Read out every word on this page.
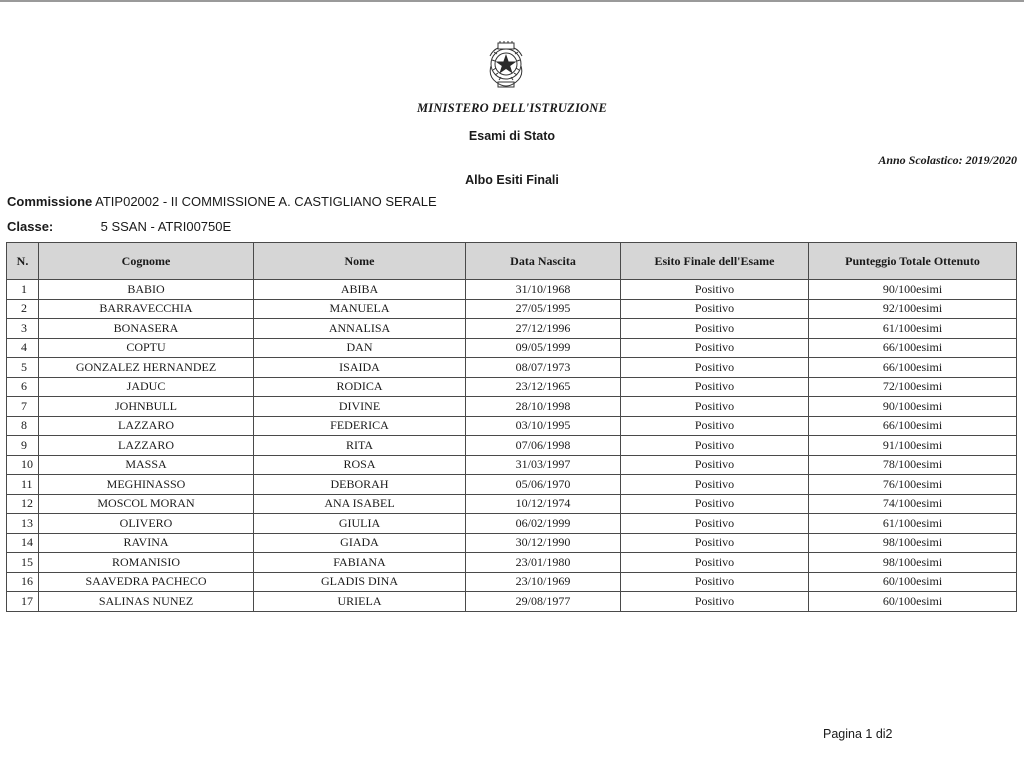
MINISTERO DELL'ISTRUZIONE
Esami di Stato
Anno Scolastico: 2019/2020
Albo Esiti Finali
Commissione ATIP02002 - II COMMISSIONE A. CASTIGLIANO SERALE
Classe:	5 SSAN - ATRI00750E
N.	Cognome	Nome	Data Nascita	Esito Finale dell'Esame	Punteggio Totale Ottenuto
1	BABIO	ABIBA	31/10/1968	Positivo	90/100esimi
2	BARRAVECCHIA	MANUELA	27/05/1995	Positivo	92/100esimi
3	BONASERA	ANNALISA	27/12/1996	Positivo	61/100esimi
4	COPTU	DAN	09/05/1999	Positivo	66/100esimi
5	GONZALEZ HERNANDEZ	ISAIDA	08/07/1973	Positivo	66/100esimi
6	JADUC	RODICA	23/12/1965	Positivo	72/100esimi
7	JOHNBULL	DIVINE	28/10/1998	Positivo	90/100esimi
8	LAZZARO	FEDERICA	03/10/1995	Positivo	66/100esimi
9	LAZZARO	RITA	07/06/1998	Positivo	91/100esimi
10	MASSA	ROSA	31/03/1997	Positivo	78/100esimi
11	MEGHINASSO	DEBORAH	05/06/1970	Positivo	76/100esimi
12	MOSCOL MORAN	ANA ISABEL	10/12/1974	Positivo	74/100esimi
13	OLIVERO	GIULIA	06/02/1999	Positivo	61/100esimi
14	RAVINA	GIADA	30/12/1990	Positivo	98/100esimi
15	ROMANISIO	FABIANA	23/01/1980	Positivo	98/100esimi
16	SAAVEDRA PACHECO	GLADIS DINA	23/10/1969	Positivo	60/100esimi
17	SALINAS NUNEZ	URIELA	29/08/1977	Positivo	60/100esimi
Pagina 1 di2
